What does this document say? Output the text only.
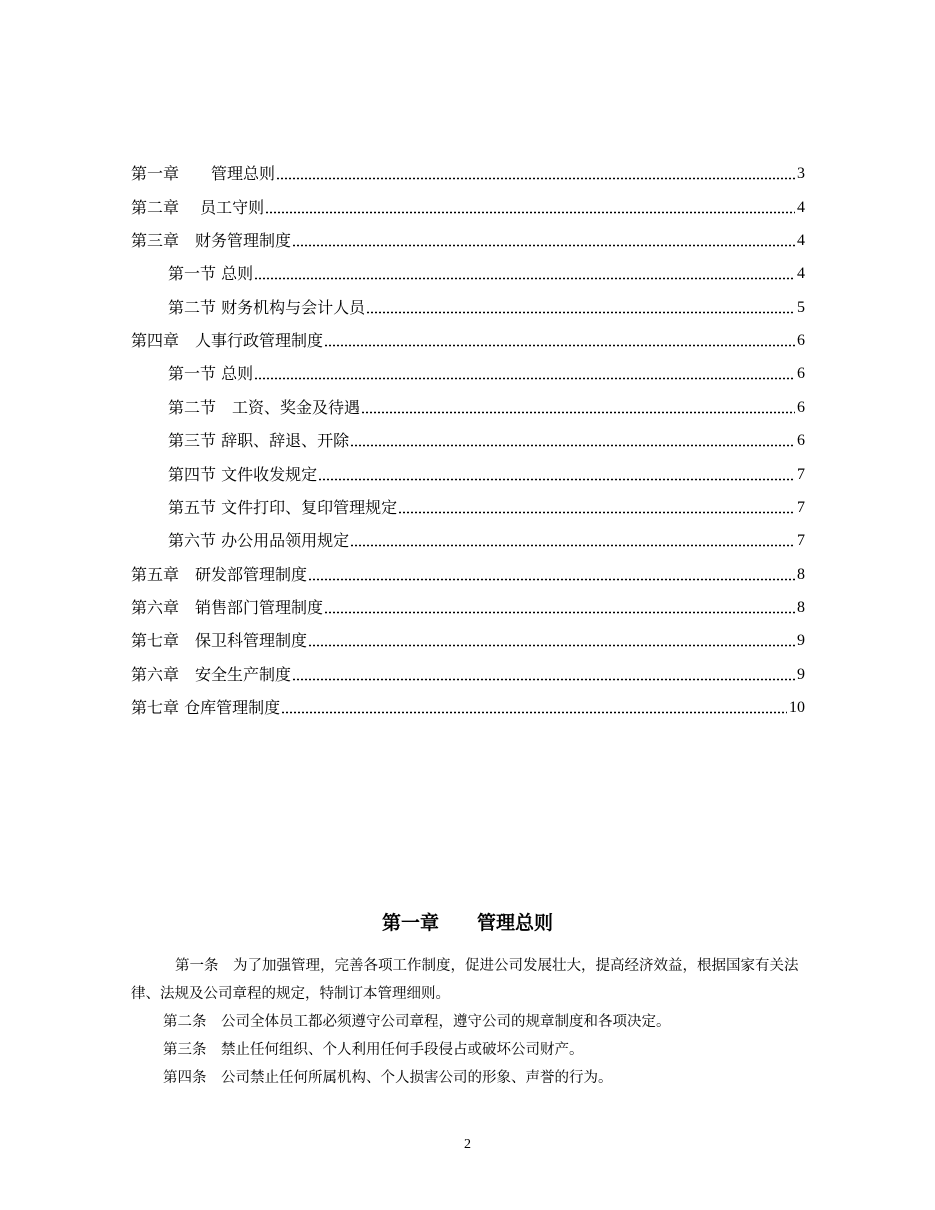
第一章　　管理总则	3
第二章　 员工守则	4
第三章　财务管理制度	4
第一节 总则	4
第二节 财务机构与会计人员	5
第四章　人事行政管理制度	6
第一节 总则	6
第二节　工资、奖金及待遇	6
第三节 辞职、辞退、开除	6
第四节 文件收发规定	7
第五节 文件打印、复印管理规定	7
第六节 办公用品领用规定	7
第五章　研发部管理制度	8
第六章　销售部门管理制度	8
第七章　保卫科管理制度	9
第六章　安全生产制度	9
第七章 仓库管理制度	10
第一章　　管理总则

第一条　为了加强管理，完善各项工作制度，促进公司发展壮大，提高经济效益，根据国家有关法律、法规及公司章程的规定，特制订本管理细则。

第二条　公司全体员工都必须遵守公司章程，遵守公司的规章制度和各项决定。

第三条　禁止任何组织、个人利用任何手段侵占或破坏公司财产。

第四条　公司禁止任何所属机构、个人损害公司的形象、声誉的行为。

2
